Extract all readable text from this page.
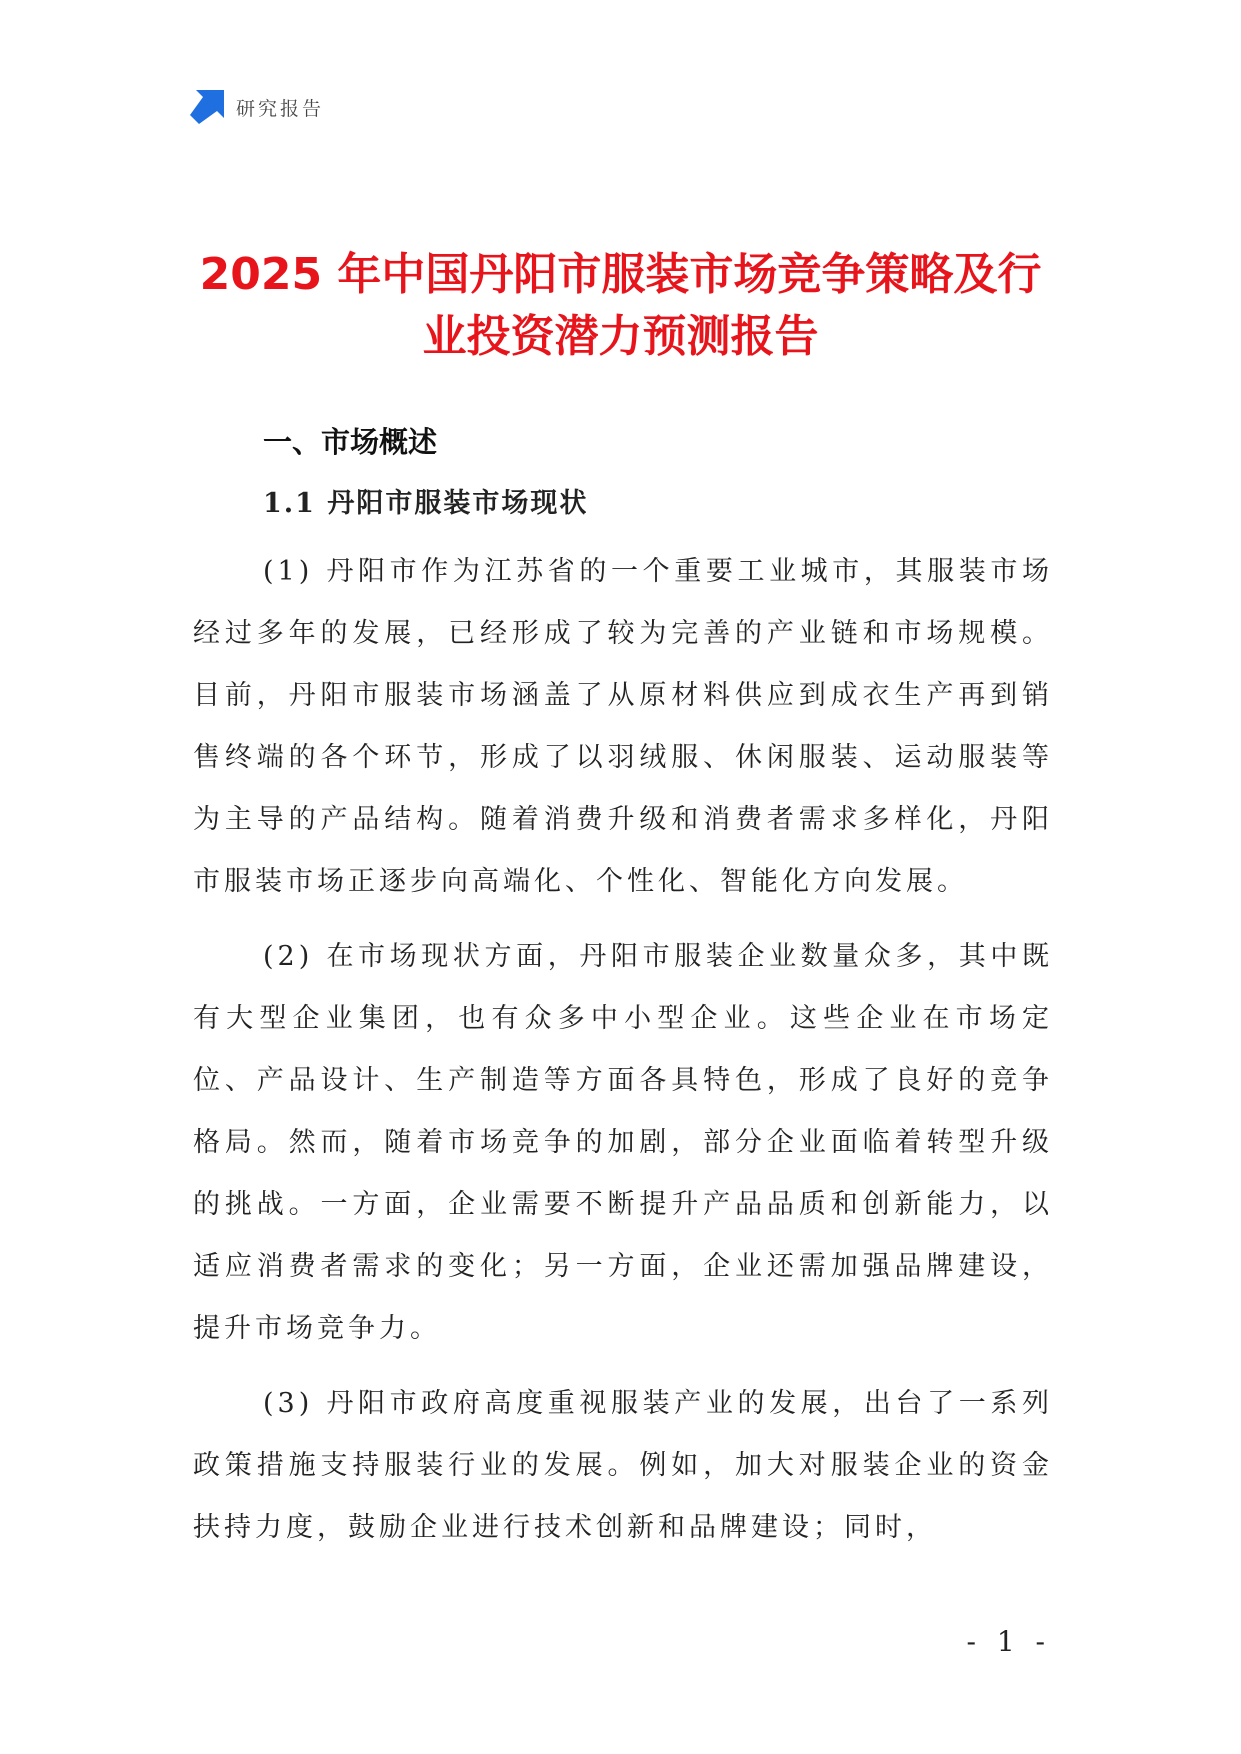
研究报告
2025 年中国丹阳市服装市场竞争策略及行
业投资潜力预测报告
一、市场概述
1.1 丹阳市服装市场现状

(1) 丹阳市作为江苏省的一个重要工业城市，其服装市场经过多年的发展，已经形成了较为完善的产业链和市场规模。目前，丹阳市服装市场涵盖了从原材料供应到成衣生产再到销售终端的各个环节，形成了以羽绒服、休闲服装、运动服装等为主导的产品结构。随着消费升级和消费者需求多样化，丹阳市服装市场正逐步向高端化、个性化、智能化方向发展。

(2) 在市场现状方面，丹阳市服装企业数量众多，其中既有大型企业集团，也有众多中小型企业。这些企业在市场定位、产品设计、生产制造等方面各具特色，形成了良好的竞争格局。然而，随着市场竞争的加剧，部分企业面临着转型升级的挑战。一方面，企业需要不断提升产品品质和创新能力，以适应消费者需求的变化；另一方面，企业还需加强品牌建设，提升市场竞争力。

(3) 丹阳市政府高度重视服装产业的发展，出台了一系列政策措施支持服装行业的发展。例如，加大对服装企业的资金扶持力度，鼓励企业进行技术创新和品牌建设；同时，

- 1 -
